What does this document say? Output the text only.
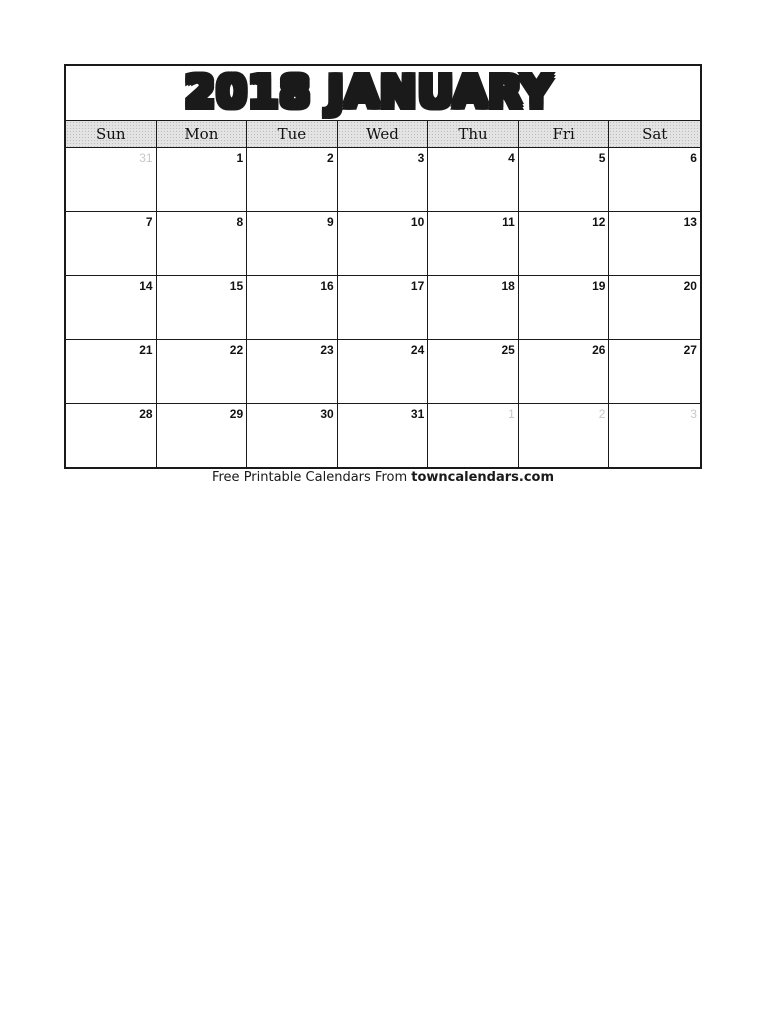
2018 JANUARY
Sun	Mon	Tue	Wed	Thu	Fri	Sat
31	1	2	3	4	5	6
7	8	9	10	11	12	13
14	15	16	17	18	19	20
21	22	23	24	25	26	27
28	29	30	31	1	2	3
Free Printable Calendars From towncalendars.com
